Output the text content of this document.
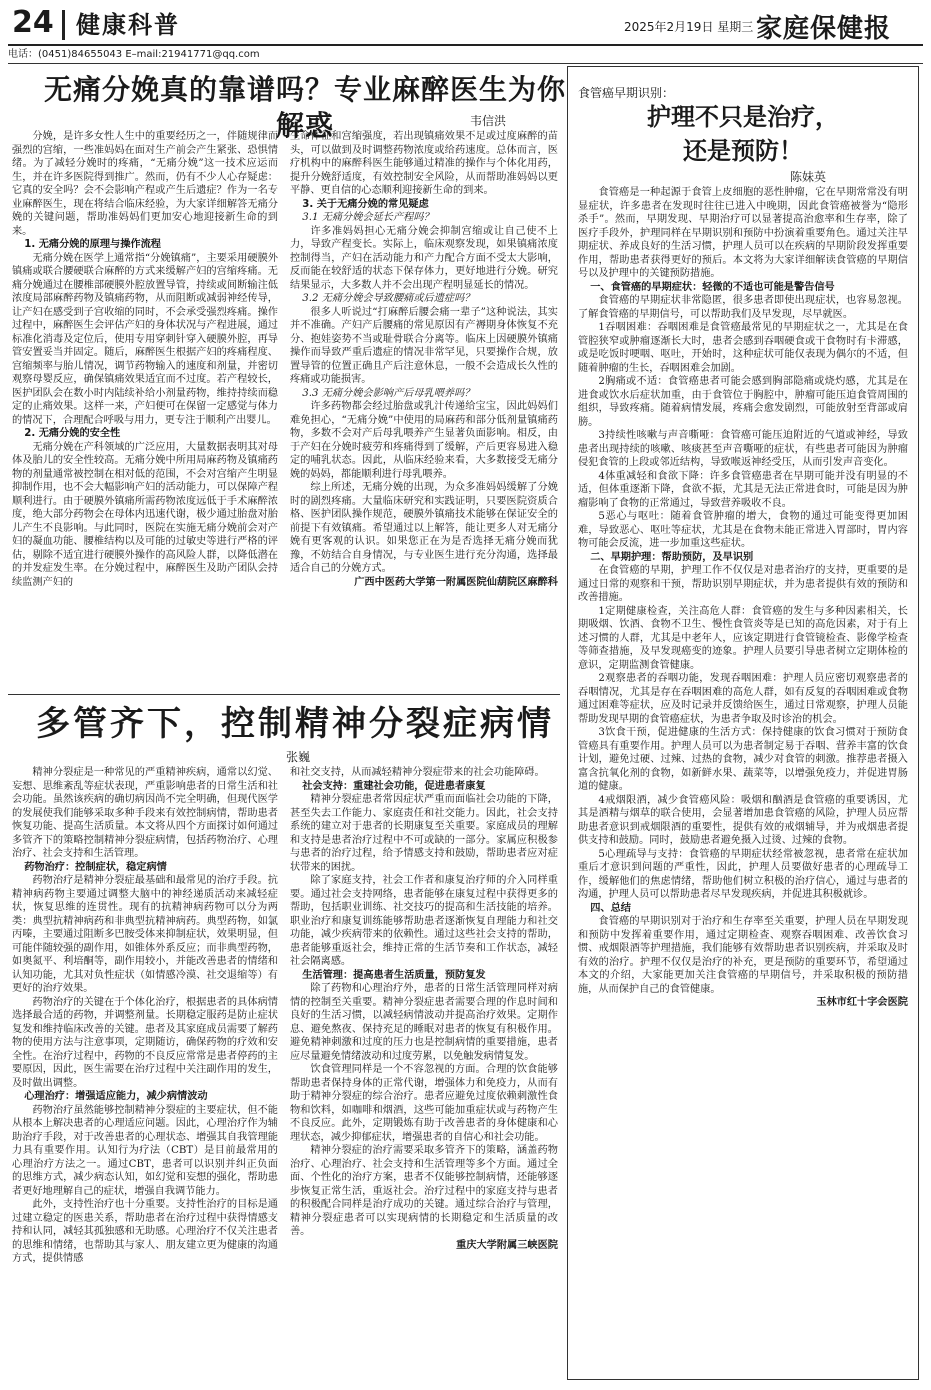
24 健康科普	2025年2月19日 星期三 家庭保健报
电话：(0451)84655043 E–mail:21941771@qq.com
无痛分娩真的靠谱吗？专业麻醉医生为你解惑	韦信洪

分娩，是许多女性人生中的重要经历之一，伴随规律而强烈的宫缩，一些准妈妈在面对生产前会产生紧张、恐惧情绪。为了减轻分娩时的疼痛，“无痛分娩”这一技术应运而生，并在许多医院得到推广。然而，仍有不少人心存疑虑：它真的安全吗？会不会影响产程或产生后遗症？作为一名专业麻醉医生，现在将结合临床经验，为大家详细解答无痛分娩的关键问题，帮助准妈妈们更加安心地迎接新生命的到来。

1. 无痛分娩的原理与操作流程

无痛分娩在医学上通常指“分娩镇痛”，主要采用硬膜外镇痛或联合腰硬联合麻醉的方式来缓解产妇的宫缩疼痛。无痛分娩通过在腰椎部硬膜外腔放置导管，持续或间断输注低浓度局部麻醉药物及镇痛药物，从而阻断或减弱神经传导，让产妇在感受到子宫收缩的同时，不会承受强烈疼痛。操作过程中，麻醉医生会评估产妇的身体状况与产程进展，通过标准化消毒及定位后，使用专用穿刺针穿入硬膜外腔，再导管安置妥当并固定。随后，麻醉医生根据产妇的疼痛程度、宫缩频率与胎儿情况，调节药物输入的速度和剂量，并密切观察母婴反应，确保镇痛效果适宜而不过度。若产程较长，医护团队会在数小时内陆续补给小剂量药物，维持持续而稳定的止痛效果。这样一来，产妇便可在保留一定感觉与体力的情况下，合理配合呼吸与用力，更专注于顺利产出婴儿。

2. 无痛分娩的安全性

无痛分娩在产科领域的广泛应用，大量数据表明其对母体及胎儿的安全性较高。无痛分娩中所用局麻药物及镇痛药物的剂量通常被控制在相对低的范围，不会对宫缩产生明显抑制作用，也不会大幅影响产妇的活动能力，可以保障产程顺利进行。由于硬膜外镇痛所需药物浓度远低于手术麻醉浓度，绝大部分药物会在母体内迅速代谢，极少通过胎盘对胎儿产生不良影响。与此同时，医院在实施无痛分娩前会对产妇的凝血功能、腰椎结构以及可能的过敏史等进行严格的评估，剔除不适宜进行硬膜外操作的高风险人群，以降低潜在的并发症发生率。在分娩过程中，麻醉医生及助产团队会持续监测产妇的

生命体征和宫缩强度，若出现镇痛效果不足或过度麻醉的苗头，可以做到及时调整药物浓度或给药速度。总体而言，医疗机构中的麻醉科医生能够通过精准的操作与个体化用药，提升分娩舒适度，有效控制安全风险，从而帮助准妈妈以更平静、更自信的心态顺利迎接新生命的到来。

3. 关于无痛分娩的常见疑虑

3.1 无痛分娩会延长产程吗？

许多准妈妈担心无痛分娩会抑制宫缩或让自己使不上力，导致产程变长。实际上，临床观察发现，如果镇痛浓度控制得当，产妇在活动能力和产力配合方面不受太大影响，反而能在较舒适的状态下保存体力，更好地进行分娩。研究结果显示，大多数人并不会出现产程明显延长的情况。

3.2 无痛分娩会导致腰痛或后遗症吗？

很多人听说过“打麻醉后腰会痛一辈子”这种说法，其实并不准确。产妇产后腰痛的常见原因有产褥期身体恢复不充分、抱娃姿势不当或耻骨联合分离等。临床上因硬膜外镇痛操作而导致严重后遗症的情况非常罕见，只要操作合规，放置导管的位置正确且产后注意休息，一般不会造成长久性的疼痛或功能损害。

3.3 无痛分娩会影响产后母乳喂养吗？

许多药物都会经过胎盘或乳汁传递给宝宝，因此妈妈们难免担心，“无痛分娩”中使用的局麻药和部分低剂量镇痛药物，多数不会对产后母乳喂养产生显著负面影响。相反，由于产妇在分娩时疲劳和疼痛得到了缓解，产后更容易进入稳定的哺乳状态。因此，从临床经验来看，大多数接受无痛分娩的妈妈，都能顺利进行母乳喂养。

综上所述，无痛分娩的出现，为众多准妈妈缓解了分娩时的剧烈疼痛。大量临床研究和实践证明，只要医院资质合格、医护团队操作规范，硬膜外镇痛技术能够在保证安全的前提下有效镇痛。希望通过以上解答，能让更多人对无痛分娩有更客观的认识。如果您正在为是否选择无痛分娩而犹豫，不妨结合自身情况，与专业医生进行充分沟通，选择最适合自己的分娩方式。

广西中医药大学第一附属医院仙葫院区麻醉科

多管齐下，控制精神分裂症病情
张巍

精神分裂症是一种常见的严重精神疾病，通常以幻觉、妄想、思维紊乱等症状表现，严重影响患者的日常生活和社会功能。虽然该疾病的确切病因尚不完全明确，但现代医学的发展使我们能够采取多种手段来有效控制病情，帮助患者恢复功能、提高生活质量。本文将从四个方面探讨如何通过多管齐下的策略控制精神分裂症病情，包括药物治疗、心理治疗、社会支持和生活管理。

药物治疗：控制症状，稳定病情

药物治疗是精神分裂症最基础和最常见的治疗手段。抗精神病药物主要通过调整大脑中的神经递质活动来减轻症状，恢复思维的连贯性。现有的抗精神病药物可以分为两类：典型抗精神病药和非典型抗精神病药。典型药物，如氯丙嗪，主要通过阻断多巴胺受体来抑制症状，效果明显，但可能伴随较强的副作用，如锥体外系反应；而非典型药物，如奥氮平、利培酮等，副作用较小，并能改善患者的情绪和认知功能，尤其对负性症状（如情感冷漠、社交退缩等）有更好的治疗效果。

药物治疗的关键在于个体化治疗，根据患者的具体病情选择最合适的药物，并调整剂量。长期稳定服药是防止症状复发和维持临床改善的关键。患者及其家庭成员需要了解药物的使用方法与注意事项，定期随访，确保药物的疗效和安全性。在治疗过程中，药物的不良反应常常是患者停药的主要原因，因此，医生需要在治疗过程中关注副作用的发生，及时做出调整。

心理治疗：增强适应能力，减少病情波动

药物治疗虽然能够控制精神分裂症的主要症状，但不能从根本上解决患者的心理适应问题。因此，心理治疗作为辅助治疗手段，对于改善患者的心理状态、增强其自我管理能力具有重要作用。认知行为疗法（CBT）是目前最常用的心理治疗方法之一。通过CBT，患者可以识别并纠正负面的思维方式，减少病态认知，如幻觉和妄想的强化，帮助患者更好地理解自己的症状，增强自我调节能力。

此外，支持性治疗也十分重要。支持性治疗的目标是通过建立稳定的医患关系，帮助患者在治疗过程中获得情感支持和认同，减轻其孤独感和无助感。心理治疗不仅关注患者的思维和情绪，也帮助其与家人、朋友建立更为健康的沟通方式，提供情感

和社交支持，从而减轻精神分裂症带来的社会功能障碍。

社会支持：重建社会功能，促进患者康复

精神分裂症患者常因症状严重而面临社会功能的下降，甚至失去工作能力、家庭责任和社交能力。因此，社会支持系统的建立对于患者的长期康复至关重要。家庭成员的理解和支持是患者治疗过程中不可或缺的一部分。家属应积极参与患者的治疗过程，给予情感支持和鼓励，帮助患者应对症状带来的困扰。

除了家庭支持，社会工作者和康复治疗师的介入同样重要。通过社会支持网络，患者能够在康复过程中获得更多的帮助，包括职业训练、社交技巧的提高和生活技能的培养。职业治疗和康复训练能够帮助患者逐渐恢复自理能力和社交功能，减少疾病带来的依赖性。通过这些社会支持的帮助，患者能够重返社会，维持正常的生活节奏和工作状态，减轻社会隔离感。

生活管理：提高患者生活质量，预防复发

除了药物和心理治疗外，患者的日常生活管理同样对病情的控制至关重要。精神分裂症患者需要合理的作息时间和良好的生活习惯，以减轻病情波动并提高治疗效果。定期作息、避免熬夜、保持充足的睡眠对患者的恢复有积极作用。避免精神刺激和过度的压力也是控制病情的重要措施，患者应尽量避免情绪波动和过度劳累，以免触发病情复发。

饮食管理同样是一个不容忽视的方面。合理的饮食能够帮助患者保持身体的正常代谢，增强体力和免疫力，从而有助于精神分裂症的综合治疗。患者应避免过度依赖刺激性食物和饮料，如咖啡和烟酒，这些可能加重症状或与药物产生不良反应。此外，定期锻炼有助于改善患者的身体健康和心理状态，减少抑郁症状，增强患者的自信心和社会功能。

精神分裂症的治疗需要采取多管齐下的策略，涵盖药物治疗、心理治疗、社会支持和生活管理等多个方面。通过全面、个性化的治疗方案，患者不仅能够控制病情，还能够逐步恢复正常生活，重返社会。治疗过程中的家庭支持与患者的积极配合同样是治疗成功的关键。通过综合治疗与管理，精神分裂症患者可以实现病情的长期稳定和生活质量的改善。

重庆大学附属三峡医院

食管癌早期识别：
护理不只是治疗，
还是预防！
陈妹英

食管癌是一种起源于食管上皮细胞的恶性肿瘤，它在早期常常没有明显症状，许多患者在发现时往往已进入中晚期，因此食管癌被誉为“隐形杀手”。然而，早期发现、早期治疗可以显著提高治愈率和生存率，除了医疗手段外，护理同样在早期识别和预防中扮演着重要角色。通过关注早期症状、养成良好的生活习惯，护理人员可以在疾病的早期阶段发挥重要作用，帮助患者获得更好的预后。本文将为大家详细解读食管癌的早期信号以及护理中的关键预防措施。

一、食管癌的早期症状：轻微的不适也可能是警告信号

食管癌的早期症状非常隐匿，很多患者即使出现症状，也容易忽视。了解食管癌的早期信号，可以帮助我们及早发现，尽早就医。

1吞咽困难：吞咽困难是食管癌最常见的早期症状之一，尤其是在食管腔狭窄或肿瘤逐渐长大时，患者会感到吞咽硬食或干食物时有卡滞感，或是吃饭时哽咽、呕吐，开始时，这种症状可能仅表现为偶尔的不适，但随着肿瘤的生长，吞咽困难会加剧。

2胸痛或不适：食管癌患者可能会感到胸部隐痛或烧灼感，尤其是在进食或饮水后症状加重，由于食管位于胸腔中，肿瘤可能压迫食管周围的组织，导致疼痛。随着病情发展，疼痛会愈发剧烈，可能放射至背部或肩膀。

3持续性咳嗽与声音嘶哑：食管癌可能压迫附近的气道或神经，导致患者出现持续的咳嗽、咳痰甚至声音嘶哑的症状，有些患者可能因为肿瘤侵犯食管的上段或邻近结构，导致喉返神经受压，从而引发声音变化。

4体重减轻和食欲下降：许多食管癌患者在早期可能并没有明显的不适，但体重逐渐下降，食欲不振，尤其是无法正常进食时，可能是因为肿瘤影响了食物的正常通过，导致营养吸收不良。

5恶心与呕吐：随着食管肿瘤的增大，食物的通过可能变得更加困难，导致恶心、呕吐等症状，尤其是在食物未能正常进入胃部时，胃内容物可能会反流，进一步加重这些症状。

二、早期护理：帮助预防，及早识别

在食管癌的早期，护理工作不仅仅是对患者治疗的支持，更重要的是通过日常的观察和干预，帮助识别早期症状，并为患者提供有效的预防和改善措施。

1定期健康检查，关注高危人群：食管癌的发生与多种因素相关，长期吸烟、饮酒、食物不卫生、慢性食管炎等是已知的高危因素，对于有上述习惯的人群，尤其是中老年人，应该定期进行食管镜检查、影像学检查等筛查措施，及早发现癌变的迹象。护理人员要引导患者树立定期体检的意识，定期监测食管健康。

2观察患者的吞咽功能，发现吞咽困难：护理人员应密切观察患者的吞咽情况，尤其是存在吞咽困难的高危人群，如有反复的吞咽困难或食物通过困难等症状，应及时记录并反馈给医生，通过日常观察，护理人员能帮助发现早期的食管癌症状，为患者争取及时诊治的机会。

3饮食干预，促进健康的生活方式：保持健康的饮食习惯对于预防食管癌具有重要作用。护理人员可以为患者制定易于吞咽、营养丰富的饮食计划，避免过硬、过辣、过热的食物，减少对食管的刺激。推荐患者摄入富含抗氧化剂的食物，如新鲜水果、蔬菜等，以增强免疫力，并促进胃肠道的健康。

4戒烟限酒，减少食管癌风险：吸烟和酗酒是食管癌的重要诱因，尤其是酒精与烟草的联合使用，会显著增加患食管癌的风险，护理人员应帮助患者意识到戒烟限酒的重要性，提供有效的戒烟辅导，并为戒烟患者提供支持和鼓励。同时，鼓励患者避免摄入过烫、过辣的食物。

5心理疏导与支持：食管癌的早期症状经常被忽视，患者常在症状加重后才意识到问题的严重性，因此，护理人员要做好患者的心理疏导工作，缓解他们的焦虑情绪，帮助他们树立积极的治疗信心，通过与患者的沟通，护理人员可以帮助患者尽早发现疾病，并促进其积极就诊。

四、总结

食管癌的早期识别对于治疗和生存率至关重要，护理人员在早期发现和预防中发挥着重要作用，通过定期检查、观察吞咽困难、改善饮食习惯、戒烟限酒等护理措施，我们能够有效帮助患者识别疾病，并采取及时有效的治疗。护理不仅仅是治疗的补充，更是预防的重要环节，希望通过本文的介绍，大家能更加关注食管癌的早期信号，并采取积极的预防措施，从而保护自己的食管健康。

玉林市红十字会医院
